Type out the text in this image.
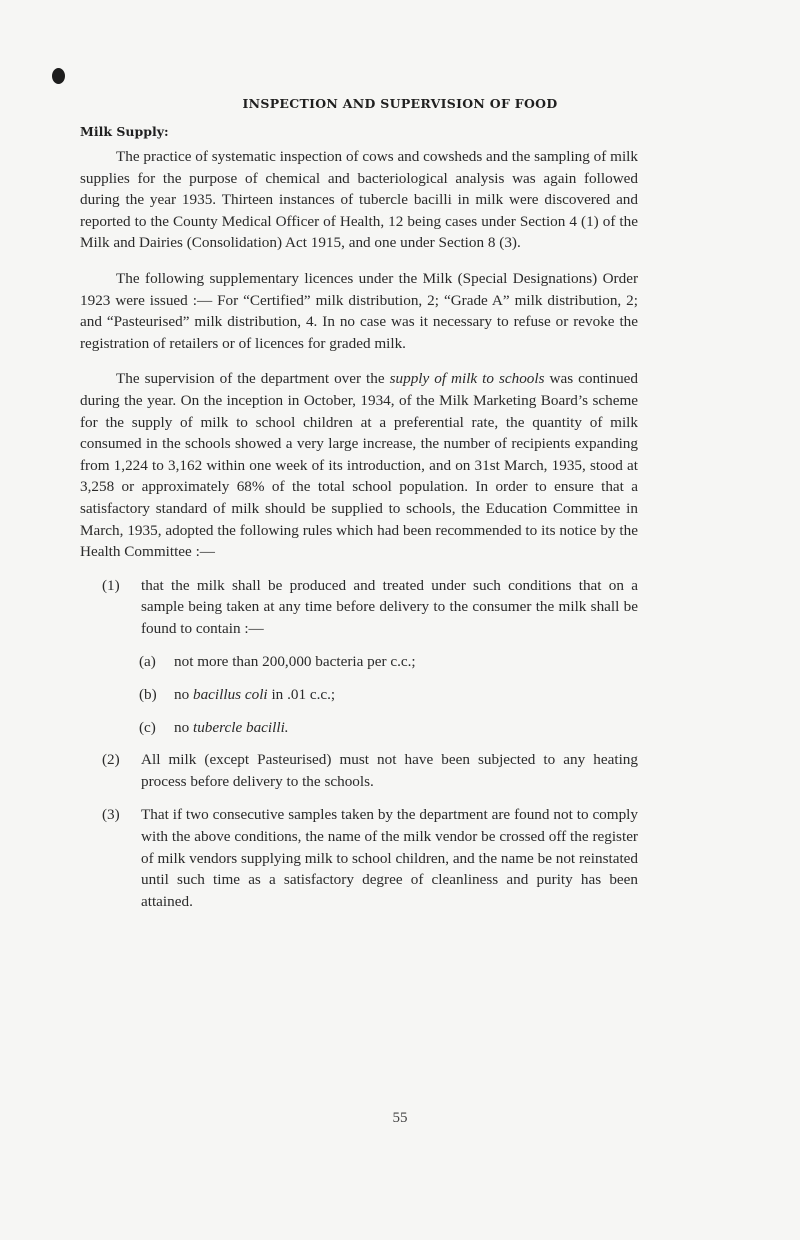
INSPECTION AND SUPERVISION OF FOOD
Milk Supply:

The practice of systematic inspection of cows and cowsheds and the sampling of milk supplies for the purpose of chemical and bacteriological analysis was again followed during the year 1935. Thirteen instances of tubercle bacilli in milk were discovered and reported to the County Medical Officer of Health, 12 being cases under Section 4 (1) of the Milk and Dairies (Consolidation) Act 1915, and one under Section 8 (3).

The following supplementary licences under the Milk (Special Designations) Order 1923 were issued :— For “Certified” milk distribution, 2; “Grade A” milk distribution, 2; and “Pasteurised” milk distribution, 4. In no case was it necessary to refuse or revoke the registration of retailers or of licences for graded milk.

The supervision of the department over the supply of milk to schools was continued during the year. On the inception in October, 1934, of the Milk Marketing Board’s scheme for the supply of milk to school children at a preferential rate, the quantity of milk consumed in the schools showed a very large increase, the number of recipients expanding from 1,224 to 3,162 within one week of its introduction, and on 31st March, 1935, stood at 3,258 or approximately 68% of the total school population. In order to ensure that a satisfactory standard of milk should be supplied to schools, the Education Committee in March, 1935, adopted the following rules which had been recommended to its notice by the Health Committee :—

(1)	that the milk shall be produced and treated under such conditions that on a sample being taken at any time before delivery to the consumer the milk shall be found to contain :—
(a)	not more than 200,000 bacteria per c.c.;
(b)	no bacillus coli in .01 c.c.;
(c)	no tubercle bacilli.
(2)	All milk (except Pasteurised) must not have been subjected to any heating process before delivery to the schools.
(3)	That if two consecutive samples taken by the department are found not to comply with the above conditions, the name of the milk vendor be crossed off the register of milk vendors supplying milk to school children, and the name be not reinstated until such time as a satisfactory degree of cleanliness and purity has been attained.
55
